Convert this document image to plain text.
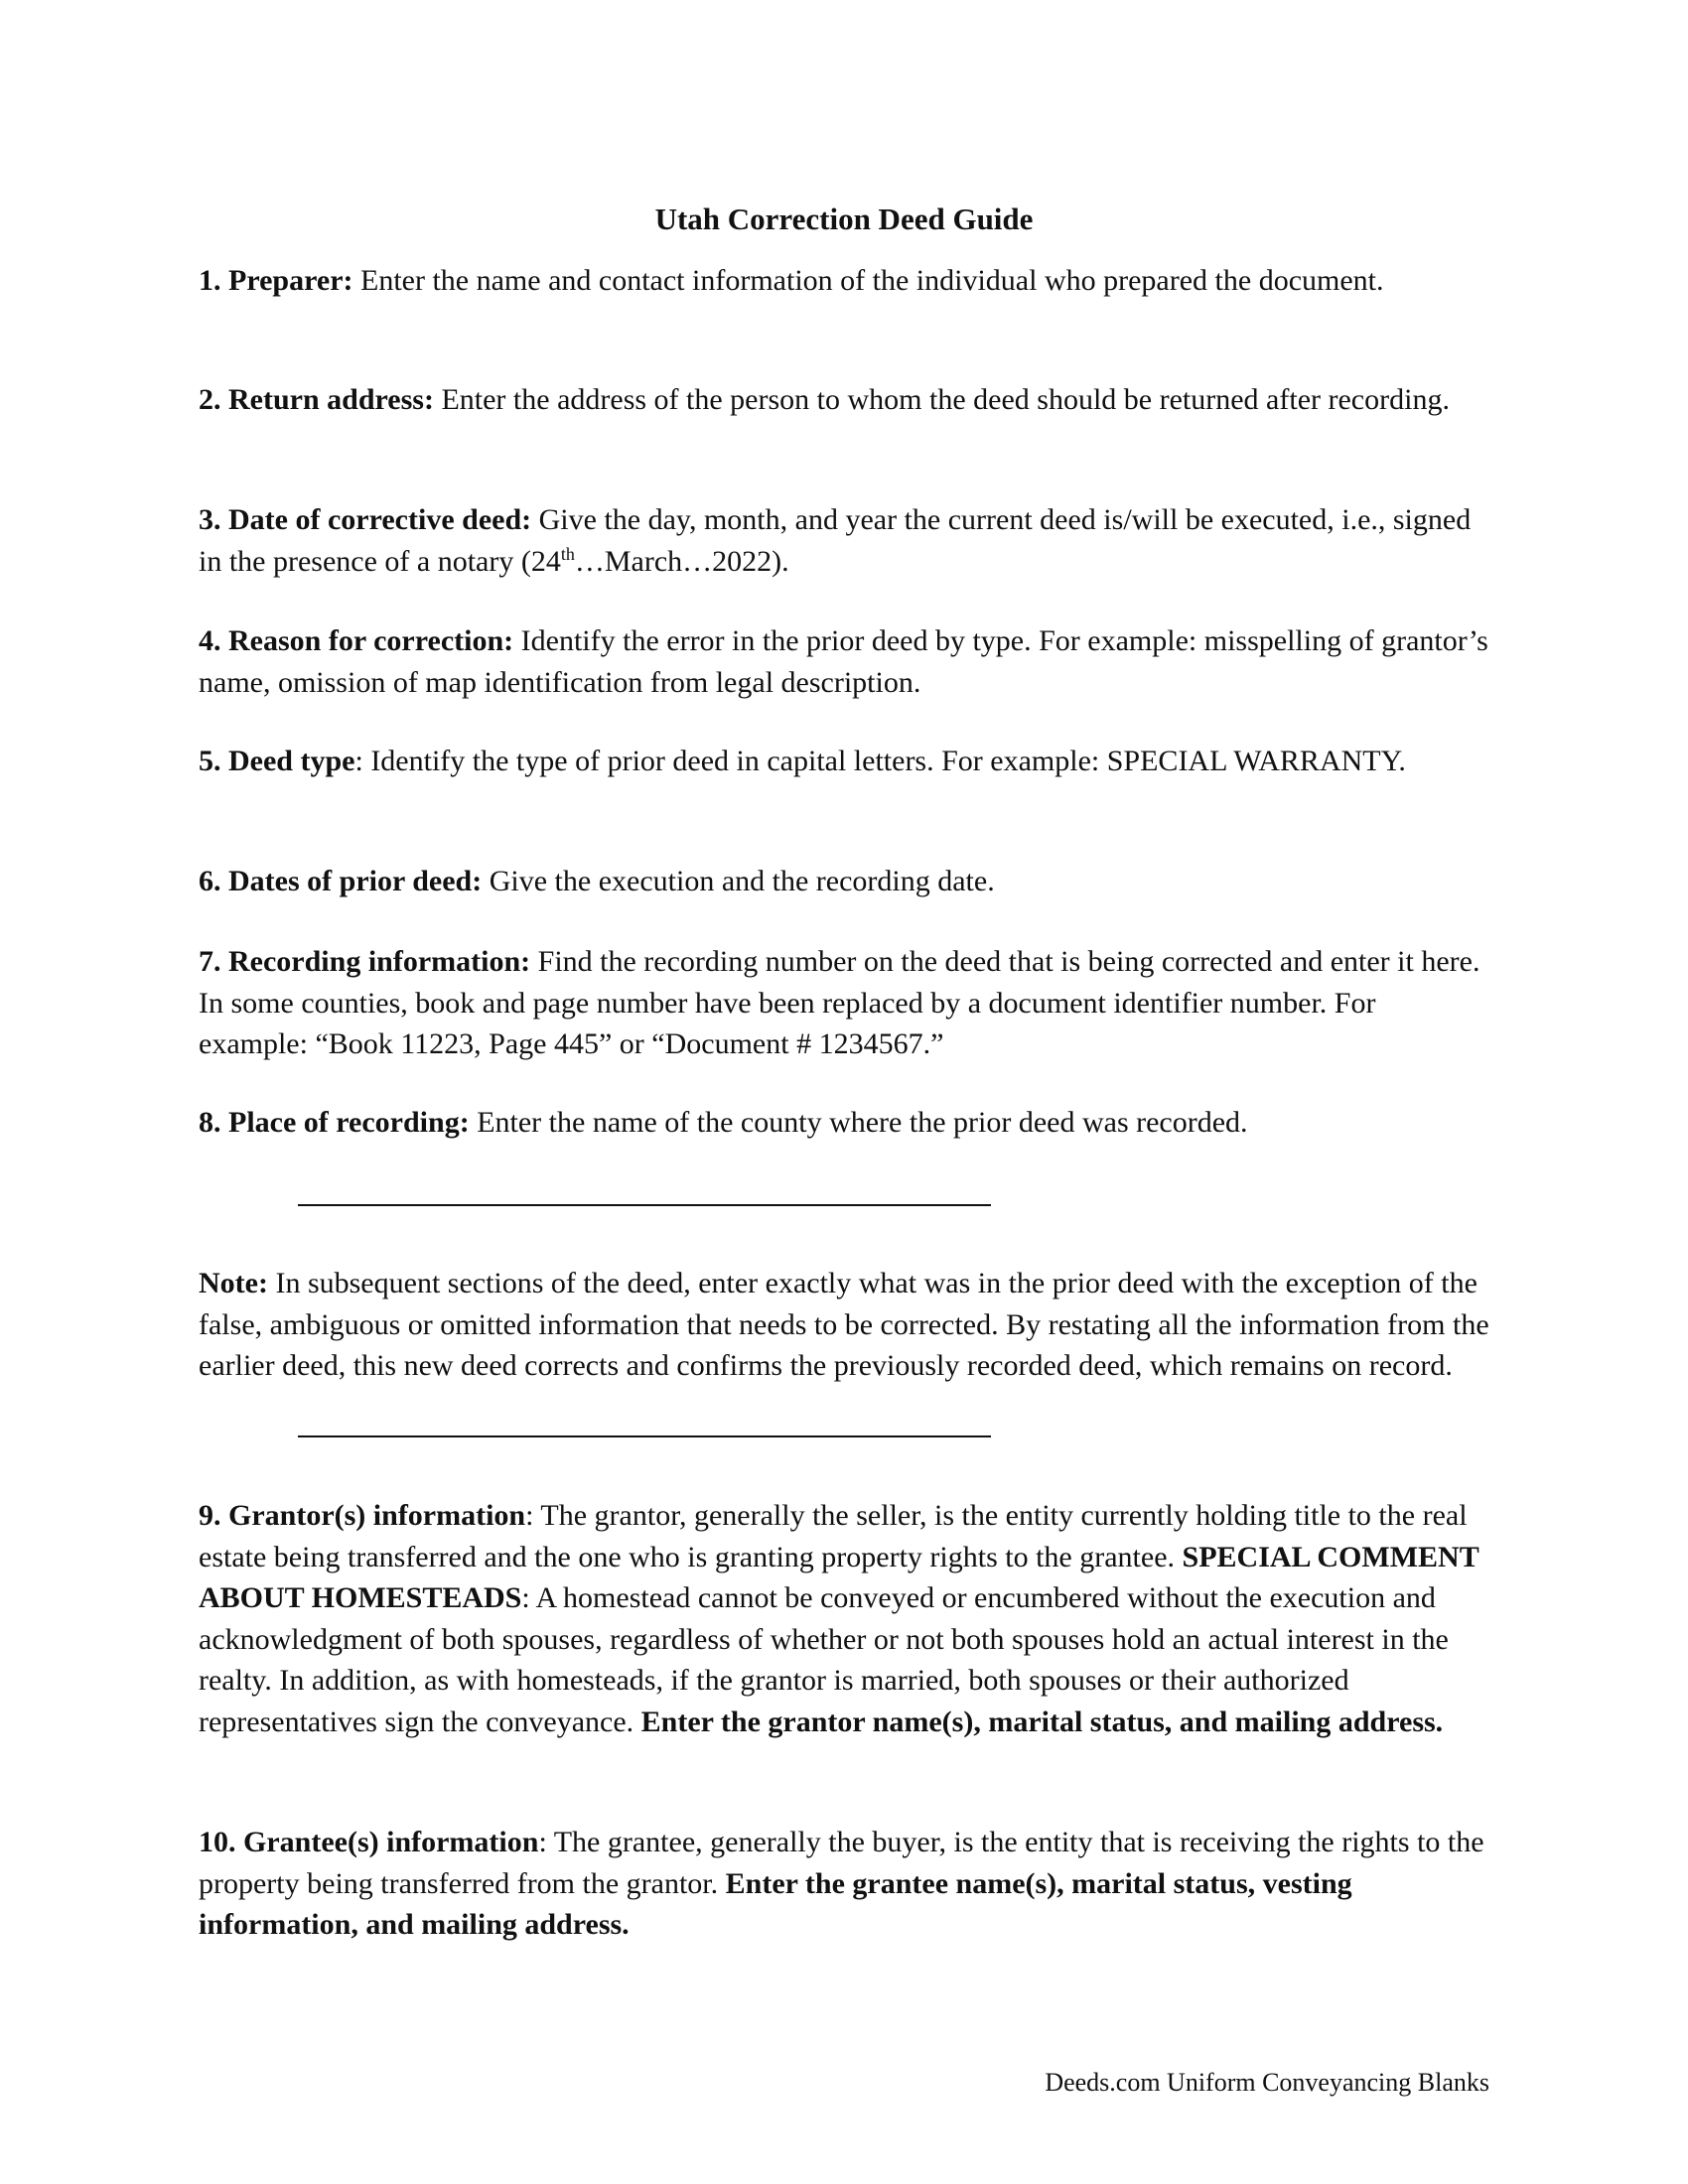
Utah Correction Deed Guide

1. Preparer: Enter the name and contact information of the individual who prepared the document.

2. Return address: Enter the address of the person to whom the deed should be returned after recording.

3. Date of corrective deed: Give the day, month, and year the current deed is/will be executed, i.e., signed in the presence of a notary (24th…March…2022).

4. Reason for correction: Identify the error in the prior deed by type. For example: misspelling of grantor’s name, omission of map identification from legal description.

5. Deed type: Identify the type of prior deed in capital letters. For example: SPECIAL WARRANTY.

6. Dates of prior deed: Give the execution and the recording date.

7. Recording information: Find the recording number on the deed that is being corrected and enter it here. In some counties, book and page number have been replaced by a document identifier number. For example: “Book 11223, Page 445” or “Document # 1234567.”

8. Place of recording: Enter the name of the county where the prior deed was recorded.

Note: In subsequent sections of the deed, enter exactly what was in the prior deed with the exception of the false, ambiguous or omitted information that needs to be corrected. By restating all the information from the earlier deed, this new deed corrects and confirms the previously recorded deed, which remains on record.

9. Grantor(s) information: The grantor, generally the seller, is the entity currently holding title to the real estate being transferred and the one who is granting property rights to the grantee. SPECIAL COMMENT ABOUT HOMESTEADS: A homestead cannot be conveyed or encumbered without the execution and acknowledgment of both spouses, regardless of whether or not both spouses hold an actual interest in the realty. In addition, as with homesteads, if the grantor is married, both spouses or their authorized representatives sign the conveyance. Enter the grantor name(s), marital status, and mailing address.

10. Grantee(s) information: The grantee, generally the buyer, is the entity that is receiving the rights to the property being transferred from the grantor. Enter the grantee name(s), marital status, vesting information, and mailing address.

Deeds.com Uniform Conveyancing Blanks
